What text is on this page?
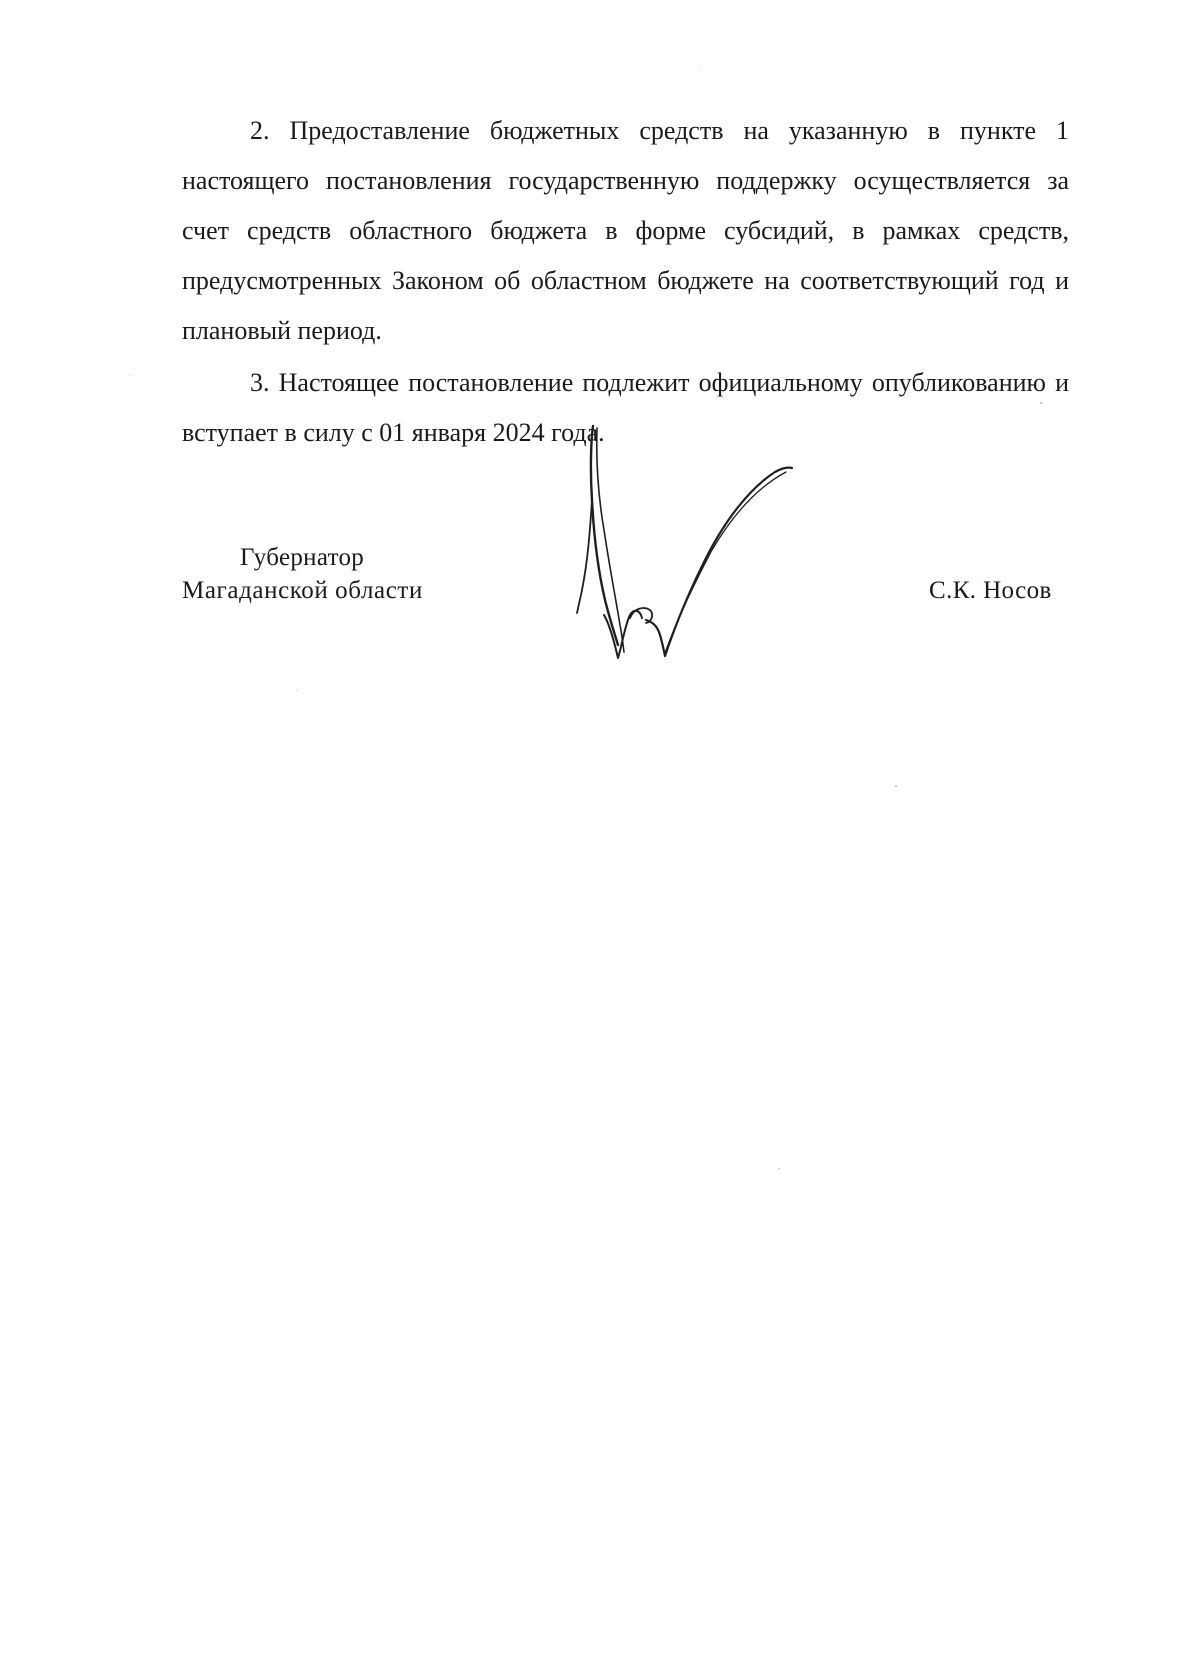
2. Предоставление бюджетных средств на указанную в пункте 1 настоящего постановления государственную поддержку осуществляется за счет средств областного бюджета в форме субсидий, в рамках средств, предусмотренных Законом об областном бюджете на соответствующий год и плановый период.

3. Настоящее постановление подлежит официальному опубликованию и вступает в силу с 01 января 2024 года.

Губернатор
Магаданской области	С.К. Носов
